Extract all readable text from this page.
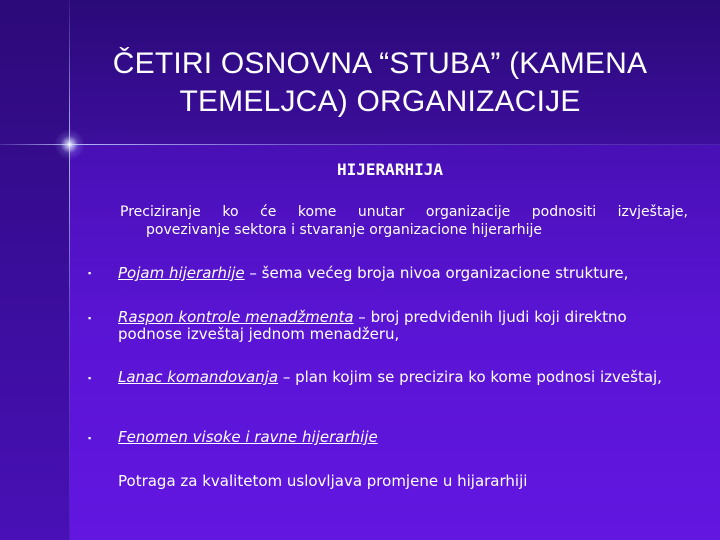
ČETIRI OSNOVNA “STUBA” (KAMENA
TEMELJCA) ORGANIZACIJE
HIJERARHIJA
Preciziranje ko će kome unutar organizacije podnositi izvještaje,
povezivanje sektora i stvaranje organizacione hijerarhije
▪	Pojam hijerarhije – šema većeg broja nivoa organizacione strukture,
▪	Raspon kontrole menadžmenta – broj predviđenih ljudi koji direktno podnose izveštaj jednom menadžeru,
▪	Lanac komandovanja – plan kojim se precizira ko kome podnosi izveštaj,
▪	Fenomen visoke i ravne hijerarhije
Potraga za kvalitetom uslovljava promjene u hijararhiji
